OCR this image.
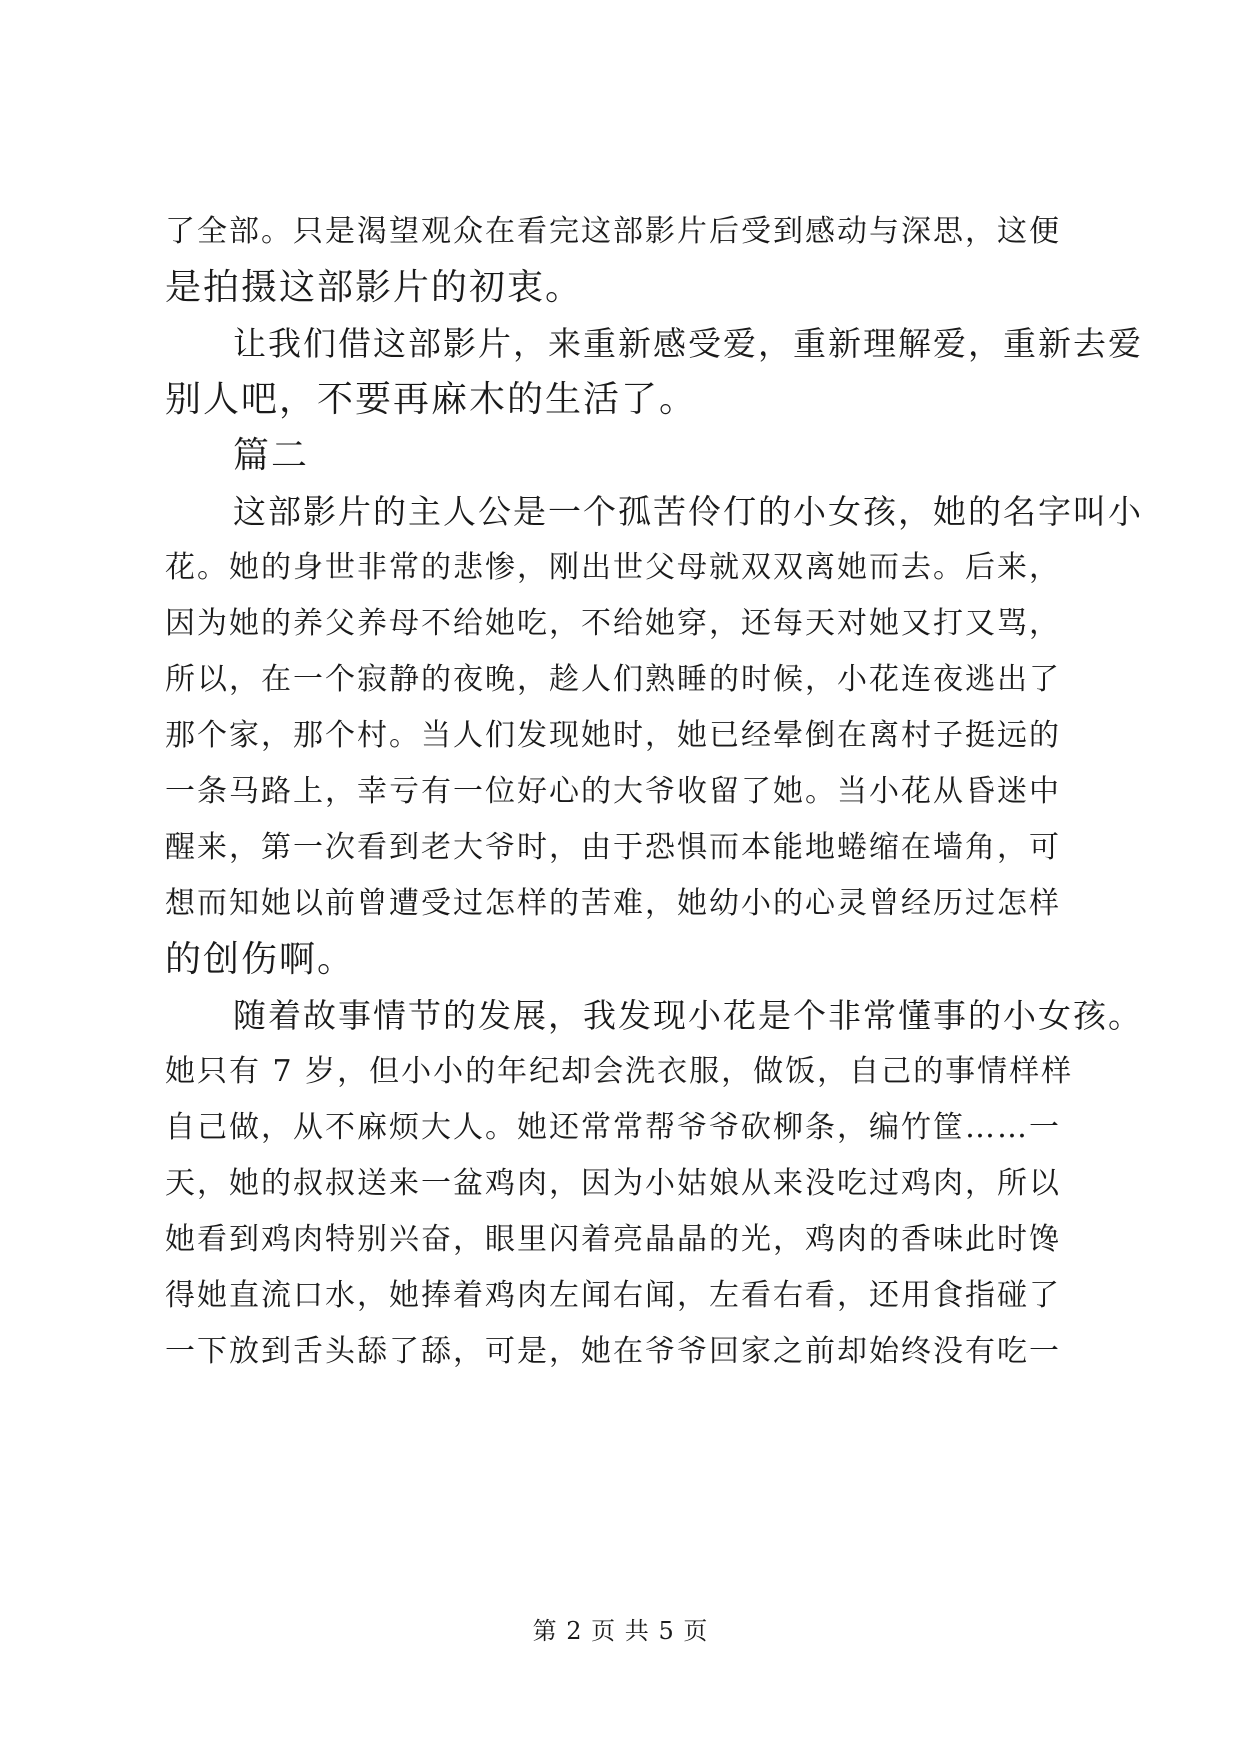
了全部。只是渴望观众在看完这部影片后受到感动与深思，这便
是拍摄这部影片的初衷。
让我们借这部影片，来重新感受爱，重新理解爱，重新去爱
别人吧，不要再麻木的生活了。
篇二
这部影片的主人公是一个孤苦伶仃的小女孩，她的名字叫小
花。她的身世非常的悲惨，刚出世父母就双双离她而去。后来，
因为她的养父养母不给她吃，不给她穿，还每天对她又打又骂，
所以，在一个寂静的夜晚，趁人们熟睡的时候，小花连夜逃出了
那个家，那个村。当人们发现她时，她已经晕倒在离村子挺远的
一条马路上，幸亏有一位好心的大爷收留了她。当小花从昏迷中
醒来，第一次看到老大爷时，由于恐惧而本能地蜷缩在墙角，可
想而知她以前曾遭受过怎样的苦难，她幼小的心灵曾经历过怎样
的创伤啊。
随着故事情节的发展，我发现小花是个非常懂事的小女孩。
她只有 7 岁，但小小的年纪却会洗衣服，做饭，自己的事情样样
自己做，从不麻烦大人。她还常常帮爷爷砍柳条，编竹筐……一
天，她的叔叔送来一盆鸡肉，因为小姑娘从来没吃过鸡肉，所以
她看到鸡肉特别兴奋，眼里闪着亮晶晶的光，鸡肉的香味此时馋
得她直流口水，她捧着鸡肉左闻右闻，左看右看，还用食指碰了
一下放到舌头舔了舔，可是，她在爷爷回家之前却始终没有吃一
第 2 页 共 5 页
